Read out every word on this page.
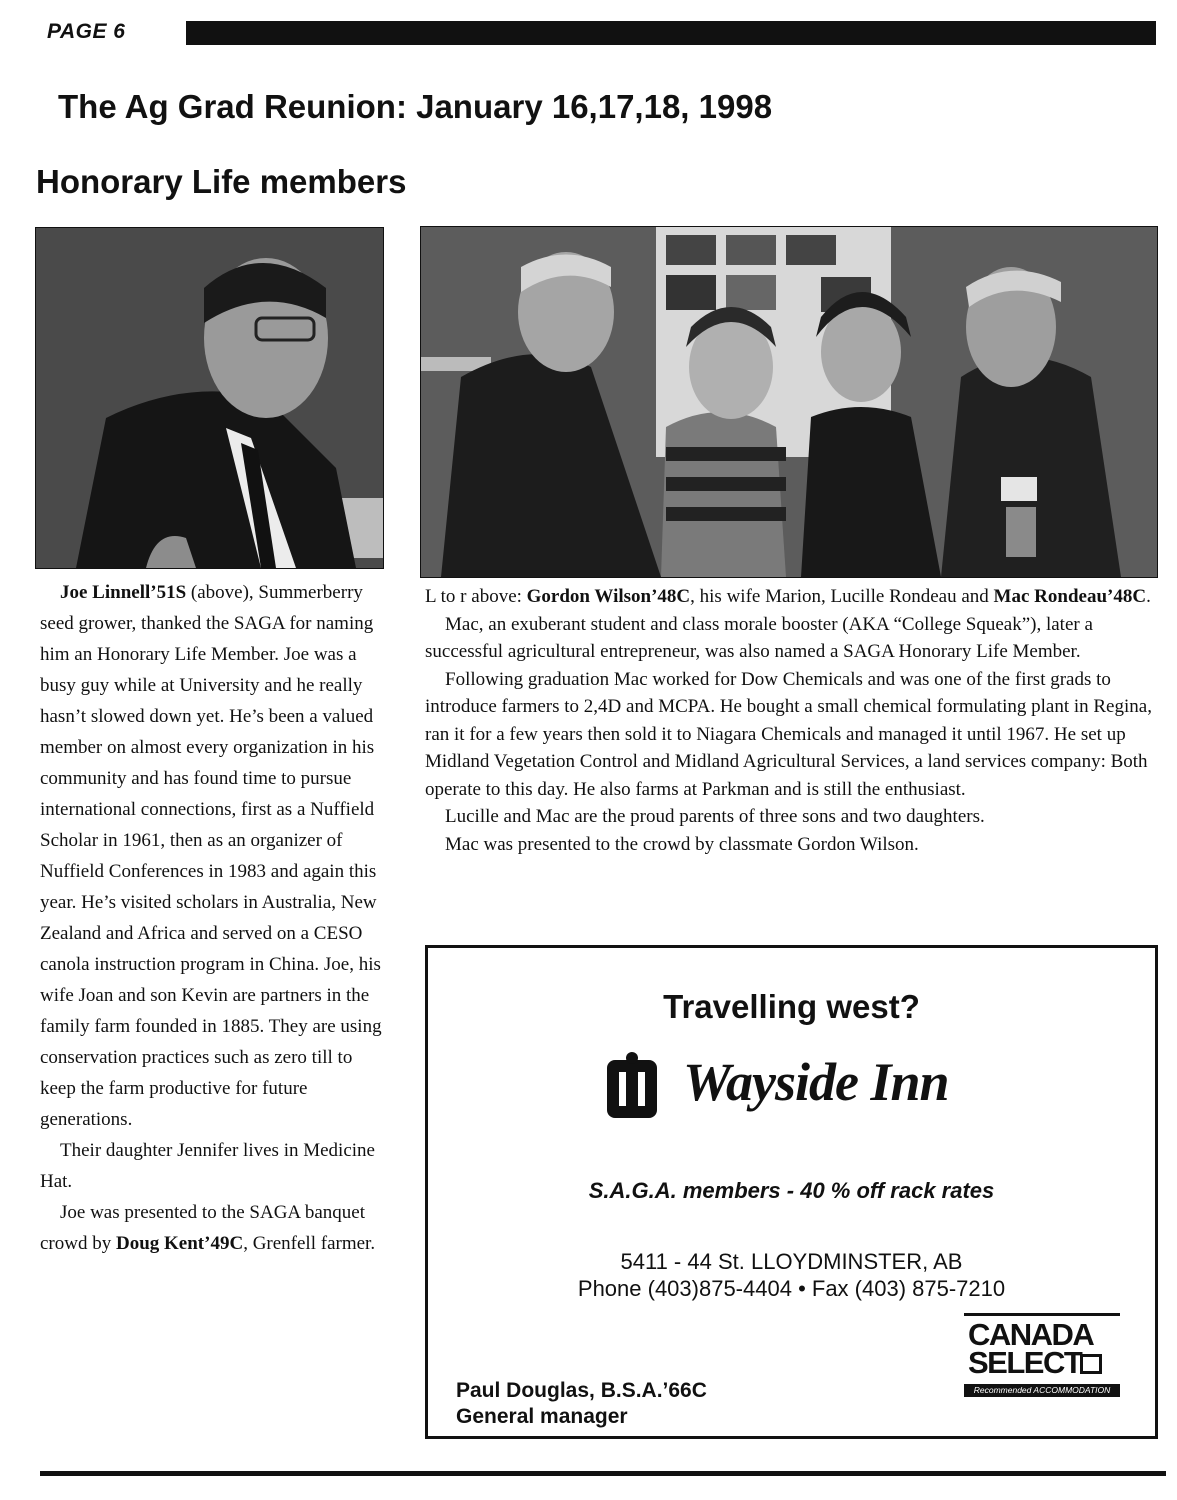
PAGE 6
The Ag Grad Reunion: January 16,17,18, 1998
Honorary Life members

Joe Linnell’51S (above), Summerberry seed grower, thanked the SAGA for naming him an Honorary Life Member. Joe was a busy guy while at University and he really hasn’t slowed down yet. He’s been a valued member on almost every organization in his community and has found time to pursue international connections, first as a Nuffield Scholar in 1961, then as an organizer of Nuffield Conferences in 1983 and again this year. He’s visited scholars in Australia, New Zealand and Africa and served on a CESO canola instruction program in China. Joe, his wife Joan and son Kevin are partners in the family farm founded in 1885. They are using conservation practices such as zero till to keep the farm productive for future generations.

Their daughter Jennifer lives in Medicine Hat.

Joe was presented to the SAGA banquet crowd by Doug Kent’49C, Grenfell farmer.

L to r above: Gordon Wilson’48C, his wife Marion, Lucille Rondeau and Mac Rondeau’48C.

Mac, an exuberant student and class morale booster (AKA “College Squeak”), later a successful agricultural entrepreneur, was also named a SAGA Honorary Life Member.

Following graduation Mac worked for Dow Chemicals and was one of the first grads to introduce farmers to 2,4D and MCPA. He bought a small chemical formulating plant in Regina, ran it for a few years then sold it to Niagara Chemicals and managed it until 1967. He set up Midland Vegetation Control and Midland Agricultural Services, a land services company: Both operate to this day. He also farms at Parkman and is still the enthusiast.

Lucille and Mac are the proud parents of three sons and two daughters.

Mac was presented to the crowd by classmate Gordon Wilson.

Travelling west?
Wayside Inn
S.A.G.A. members - 40 % off rack rates
5411 - 44 St. LLOYDMINSTER, AB
Phone (403)875-4404 • Fax (403) 875-7210
Paul Douglas, B.S.A.’66C
General manager
CANADA
SELECT
Recommended ACCOMMODATION
